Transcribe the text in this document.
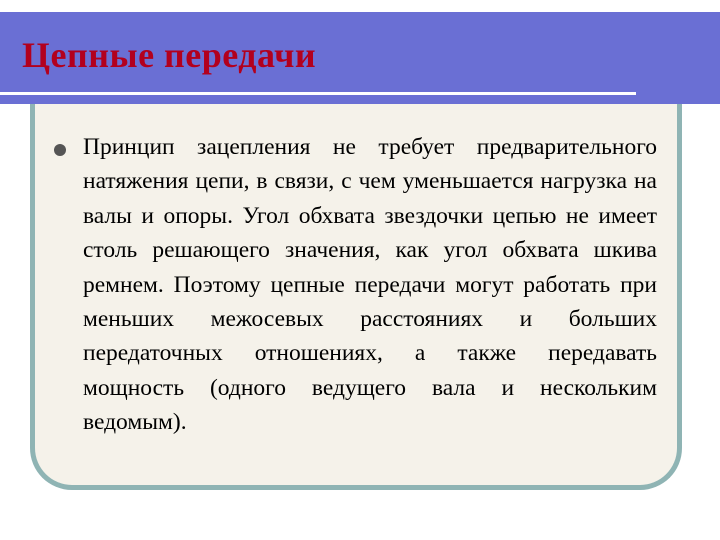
Цепные передачи

Принцип зацепления не требует предварительного натяжения цепи, в связи, с чем уменьшается нагрузка на валы и опоры. Угол обхвата звездочки цепью не имеет столь решающего значения, как угол обхвата шкива ремнем. Поэтому цепные передачи могут работать при меньших межосевых расстояниях и больших передаточных отношениях, а также передавать мощность (одного ведущего вала и нескольким ведомым).
